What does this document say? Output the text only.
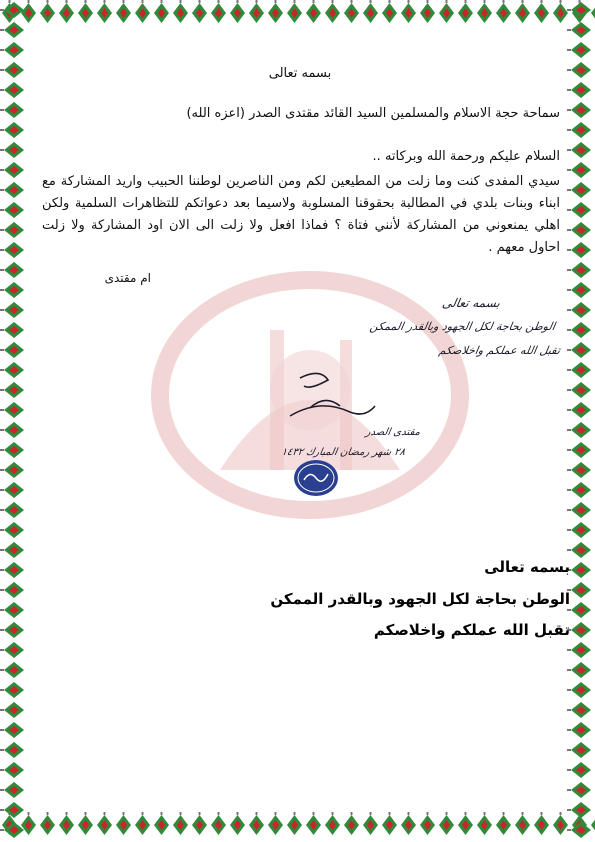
بسمه تعالى
سماحة حجة الاسلام والمسلمين السيد القائد مقتدى الصدر (اعزه الله)
السلام عليكم ورحمة الله وبركاته ..
سيدي المفدى كنت وما زلت من المطيعين لكم ومن الناصرين لوطننا الحبيب واريد المشاركة مع ابناء وبنات بلدي في المطالبة بحقوقنا المسلوبة ولاسيما بعد دعواتكم للتظاهرات السلمية ولكن اهلي يمنعوني من المشاركة لأنني فتاة ؟ فماذا افعل ولا زلت الى الان اود المشاركة ولا زلت احاول معهم .
ام مقتدى
بسمه تعالى
الوطن بحاجة لكل الجهود وبالقدر الممكن
تقبل الله عملكم واخلاصكم
مقتدى الصدر
٢٨ شهر رمضان المبارك ١٤٣٢
بسمه تعالى
الوطن بحاجة لكل الجهود وبالقدر الممكن
تقبل الله عملكم واخلاصكم
